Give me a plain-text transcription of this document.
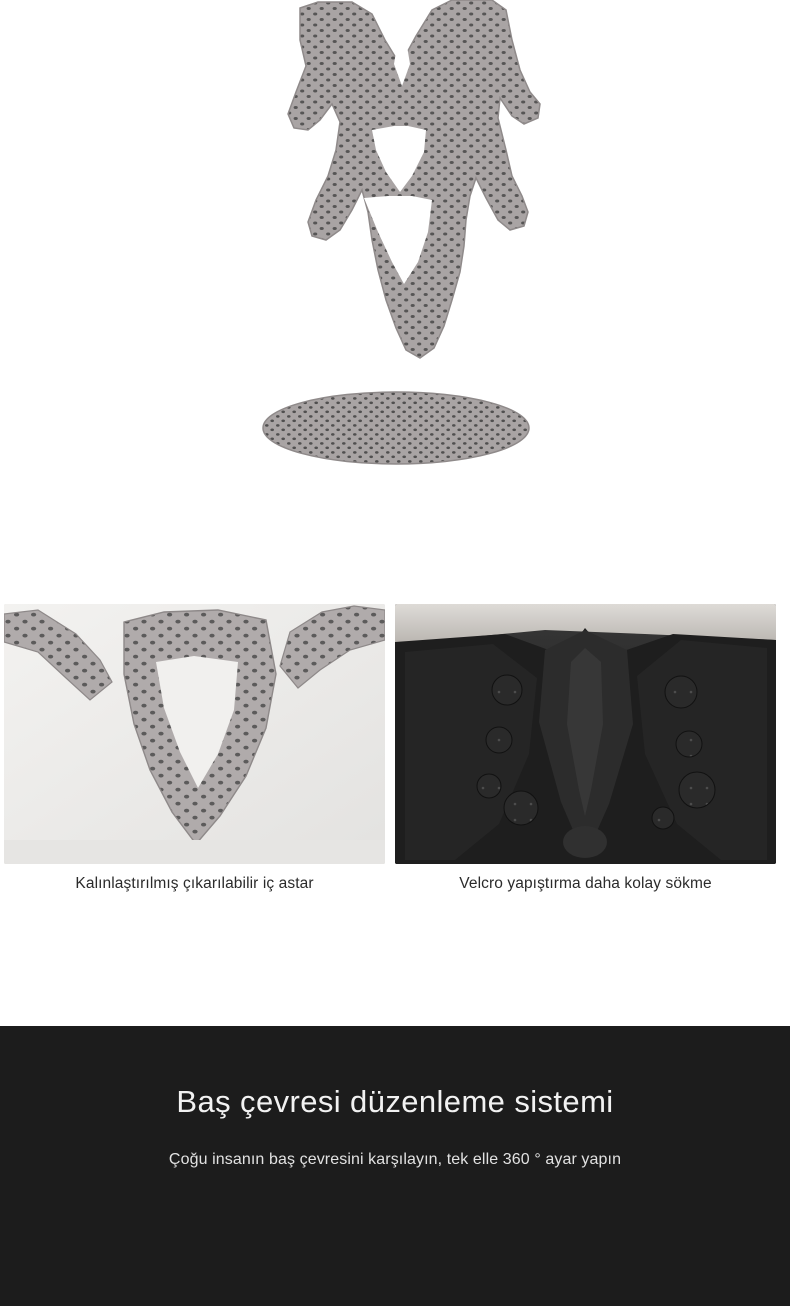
Kalınlaştırılmış çıkarılabilir iç astar	Velcro yapıştırma daha kolay sökme
Baş çevresi düzenleme sistemi

Çoğu insanın baş çevresini karşılayın, tek elle 360 ° ayar yapın
